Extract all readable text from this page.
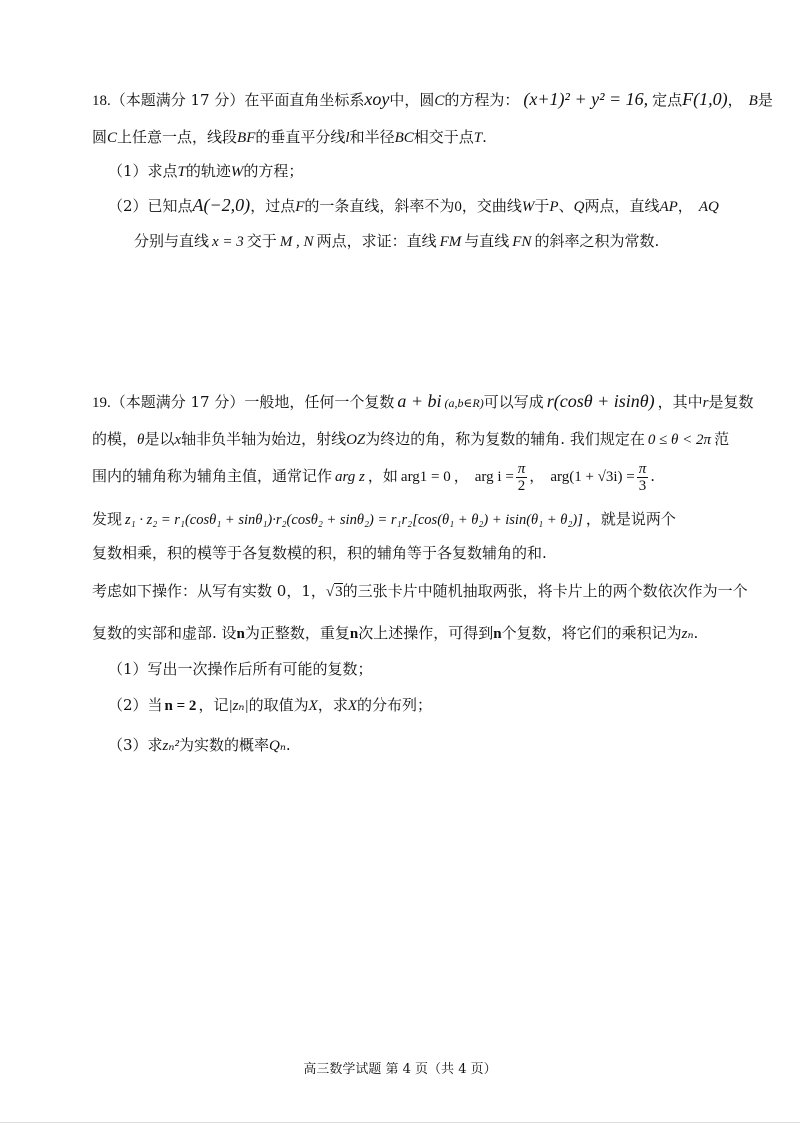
18.（本题满分 17 分）在平面直角坐标系xoy中，圆C的方程为： (x+1)² + y² = 16, 定点F(1,0)， B是
圆C上任意一点，线段BF的垂直平分线l和半径BC相交于点T.
（1）求点T的轨迹W的方程；
（2）已知点A(−2,0)，过点F的一条直线，斜率不为0，交曲线W于P、Q两点，直线AP， AQ
分别与直线 x = 3 交于 M , N 两点，求证：直线 FM 与直线 FN 的斜率之积为常数.
19.（本题满分 17 分）一般地，任何一个复数 a + bi (a,b∈R)可以写成 r(cosθ + isinθ) ，其中r是复数
的模，θ是以x轴非负半轴为始边，射线OZ为终边的角，称为复数的辅角. 我们规定在 0 ≤ θ < 2π 范
围内的辅角称为辅角主值，通常记作 arg z ，如 arg1 = 0 ， arg $i = \frac{\pi}{2}$ ， $arg(1 + √3i) = \frac{\pi}{3}$ .
发现 z₁ · z₂ = r₁(cosθ₁ + sinθ₁)·r₂(cosθ₂ + sinθ₂) = r₁r₂[cos(θ₁ + θ₂) + isin(θ₁ + θ₂)] ，就是说两个
复数相乘，积的模等于各复数模的积，积的辅角等于各复数辅角的和.
考虑如下操作：从写有实数 0，1，√3的三张卡片中随机抽取两张，将卡片上的两个数依次作为一个
复数的实部和虚部. 设n为正整数，重复n次上述操作，可得到n个复数，将它们的乘积记为zₙ.
（1）写出一次操作后所有可能的复数；
（2）当 n = 2 ，记|zₙ|的取值为X，求X的分布列；
（3）求zₙ²为实数的概率Qₙ.
高三数学试题 第 4 页（共 4 页）
